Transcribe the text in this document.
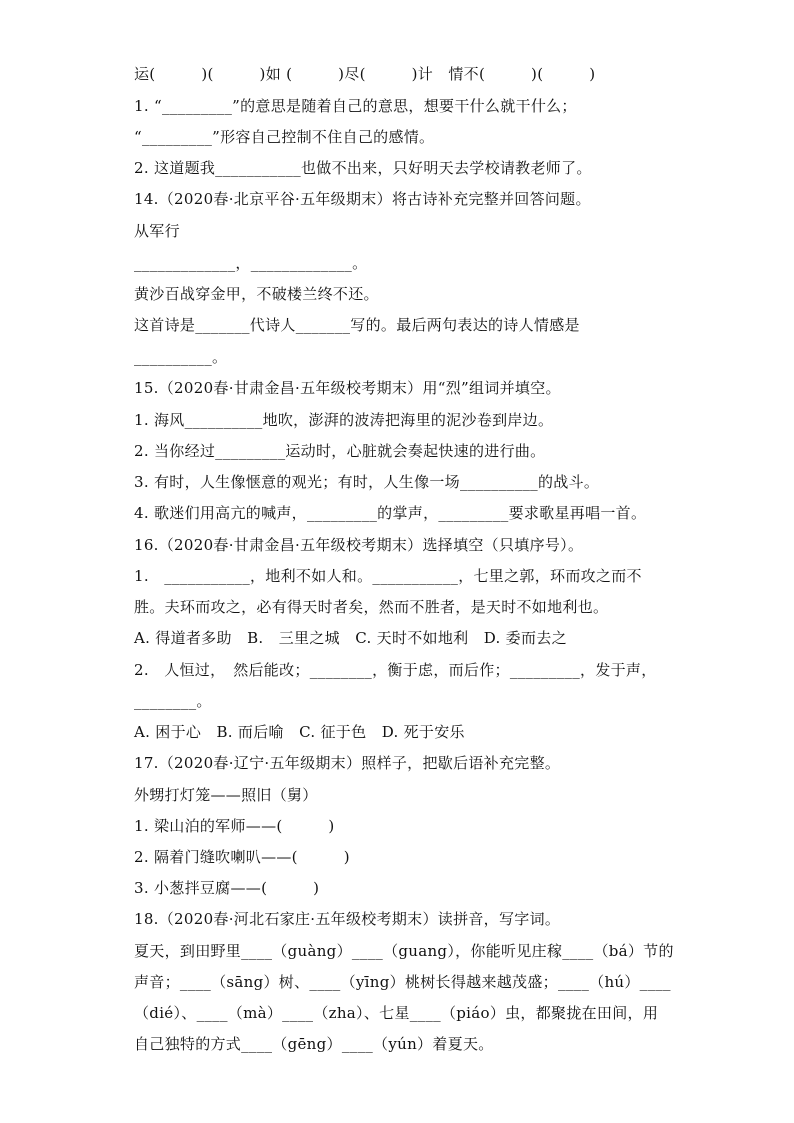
运(　　　)(　　　)如 (　　　)尽(　　　)计　情不(　　　)(　　　)
1. “_________”的意思是随着自己的意思，想要干什么就干什么；
“_________”形容自己控制不住自己的感情。
2. 这道题我___________也做不出来，只好明天去学校请教老师了。
14.（2020春·北京平谷·五年级期末）将古诗补充完整并回答问题。
从军行
_____________，_____________。
黄沙百战穿金甲，不破楼兰终不还。
这首诗是_______代诗人_______写的。最后两句表达的诗人情感是
__________。
15.（2020春·甘肃金昌·五年级校考期末）用“烈”组词并填空。
1. 海风__________地吹，澎湃的波涛把海里的泥沙卷到岸边。
2. 当你经过_________运动时，心脏就会奏起快速的进行曲。
3. 有时，人生像惬意的观光；有时，人生像一场__________的战斗。
4. 歌迷们用高亢的喊声，_________的掌声，_________要求歌星再唱一首。
16.（2020春·甘肃金昌·五年级校考期末）选择填空（只填序号）。
1.　___________，地利不如人和。___________，七里之郭，环而攻之而不
胜。夫环而攻之，必有得天时者矣，然而不胜者，是天时不如地利也。
A. 得道者多助　B.　三里之城　C. 天时不如地利　D. 委而去之
2.　人恒过，　然后能改；________，衡于虑，而后作；_________，发于声，
________。
A. 困于心　B. 而后喻　C. 征于色　D. 死于安乐
17.（2020春·辽宁·五年级期末）照样子，把歇后语补充完整。
外甥打灯笼——照旧（舅）
1. 梁山泊的军师——(　　　)
2. 隔着门缝吹喇叭——(　　　)
3. 小葱拌豆腐——(　　　)
18.（2020春·河北石家庄·五年级校考期末）读拼音，写字词。
夏天，到田野里____（guàng）____（guang），你能听见庄稼____（bá）节的
声音；____（sāng）树、____（yīng）桃树长得越来越茂盛；____（hú）____
（dié）、____（mà）____（zha）、七星____（piáo）虫，都聚拢在田间，用
自己独特的方式____（gēng）____（yún）着夏天。
